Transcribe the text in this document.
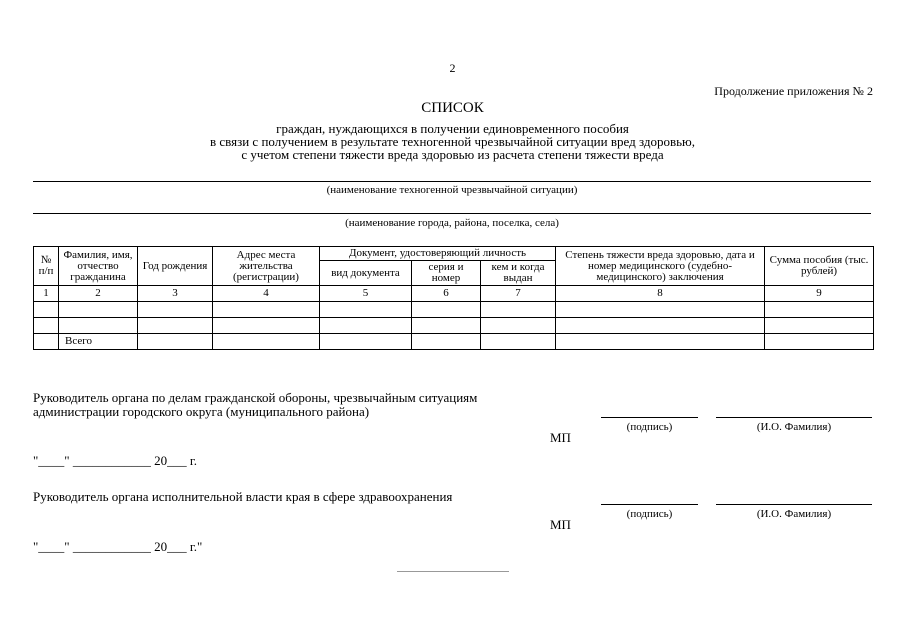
2
Продолжение приложения № 2
СПИСОК
граждан, нуждающихся в получении единовременного пособия
в связи с получением в результате техногенной чрезвычайной ситуации вред здоровью,
с учетом степени тяжести вреда здоровью из расчета степени тяжести вреда
(наименование техногенной чрезвычайной ситуации)
(наименование города, района, поселка, села)
№ п/п	Фамилия, имя, отчество гражданина	Год рождения	Адрес места жительства (регистрации)	Документ, удостоверяющий личность			Степень тяжести вреда здоровью, дата и номер медицинского (судебно-медицинского) заключения	Сумма пособия (тыс. рублей)
				вид документа	серия и номер	кем и когда выдан		
1	2	3	4	5	6	7	8	9

	Всего							
Руководитель органа по делам гражданской обороны, чрезвычайным ситуациям
администрации городского округа (муниципального района)
МП
(подпись)	(И.О. Фамилия)
"____" ____________ 20___ г.
Руководитель органа исполнительной власти края в сфере здравоохранения
МП
(подпись)	(И.О. Фамилия)
"____" ____________ 20___ г."
